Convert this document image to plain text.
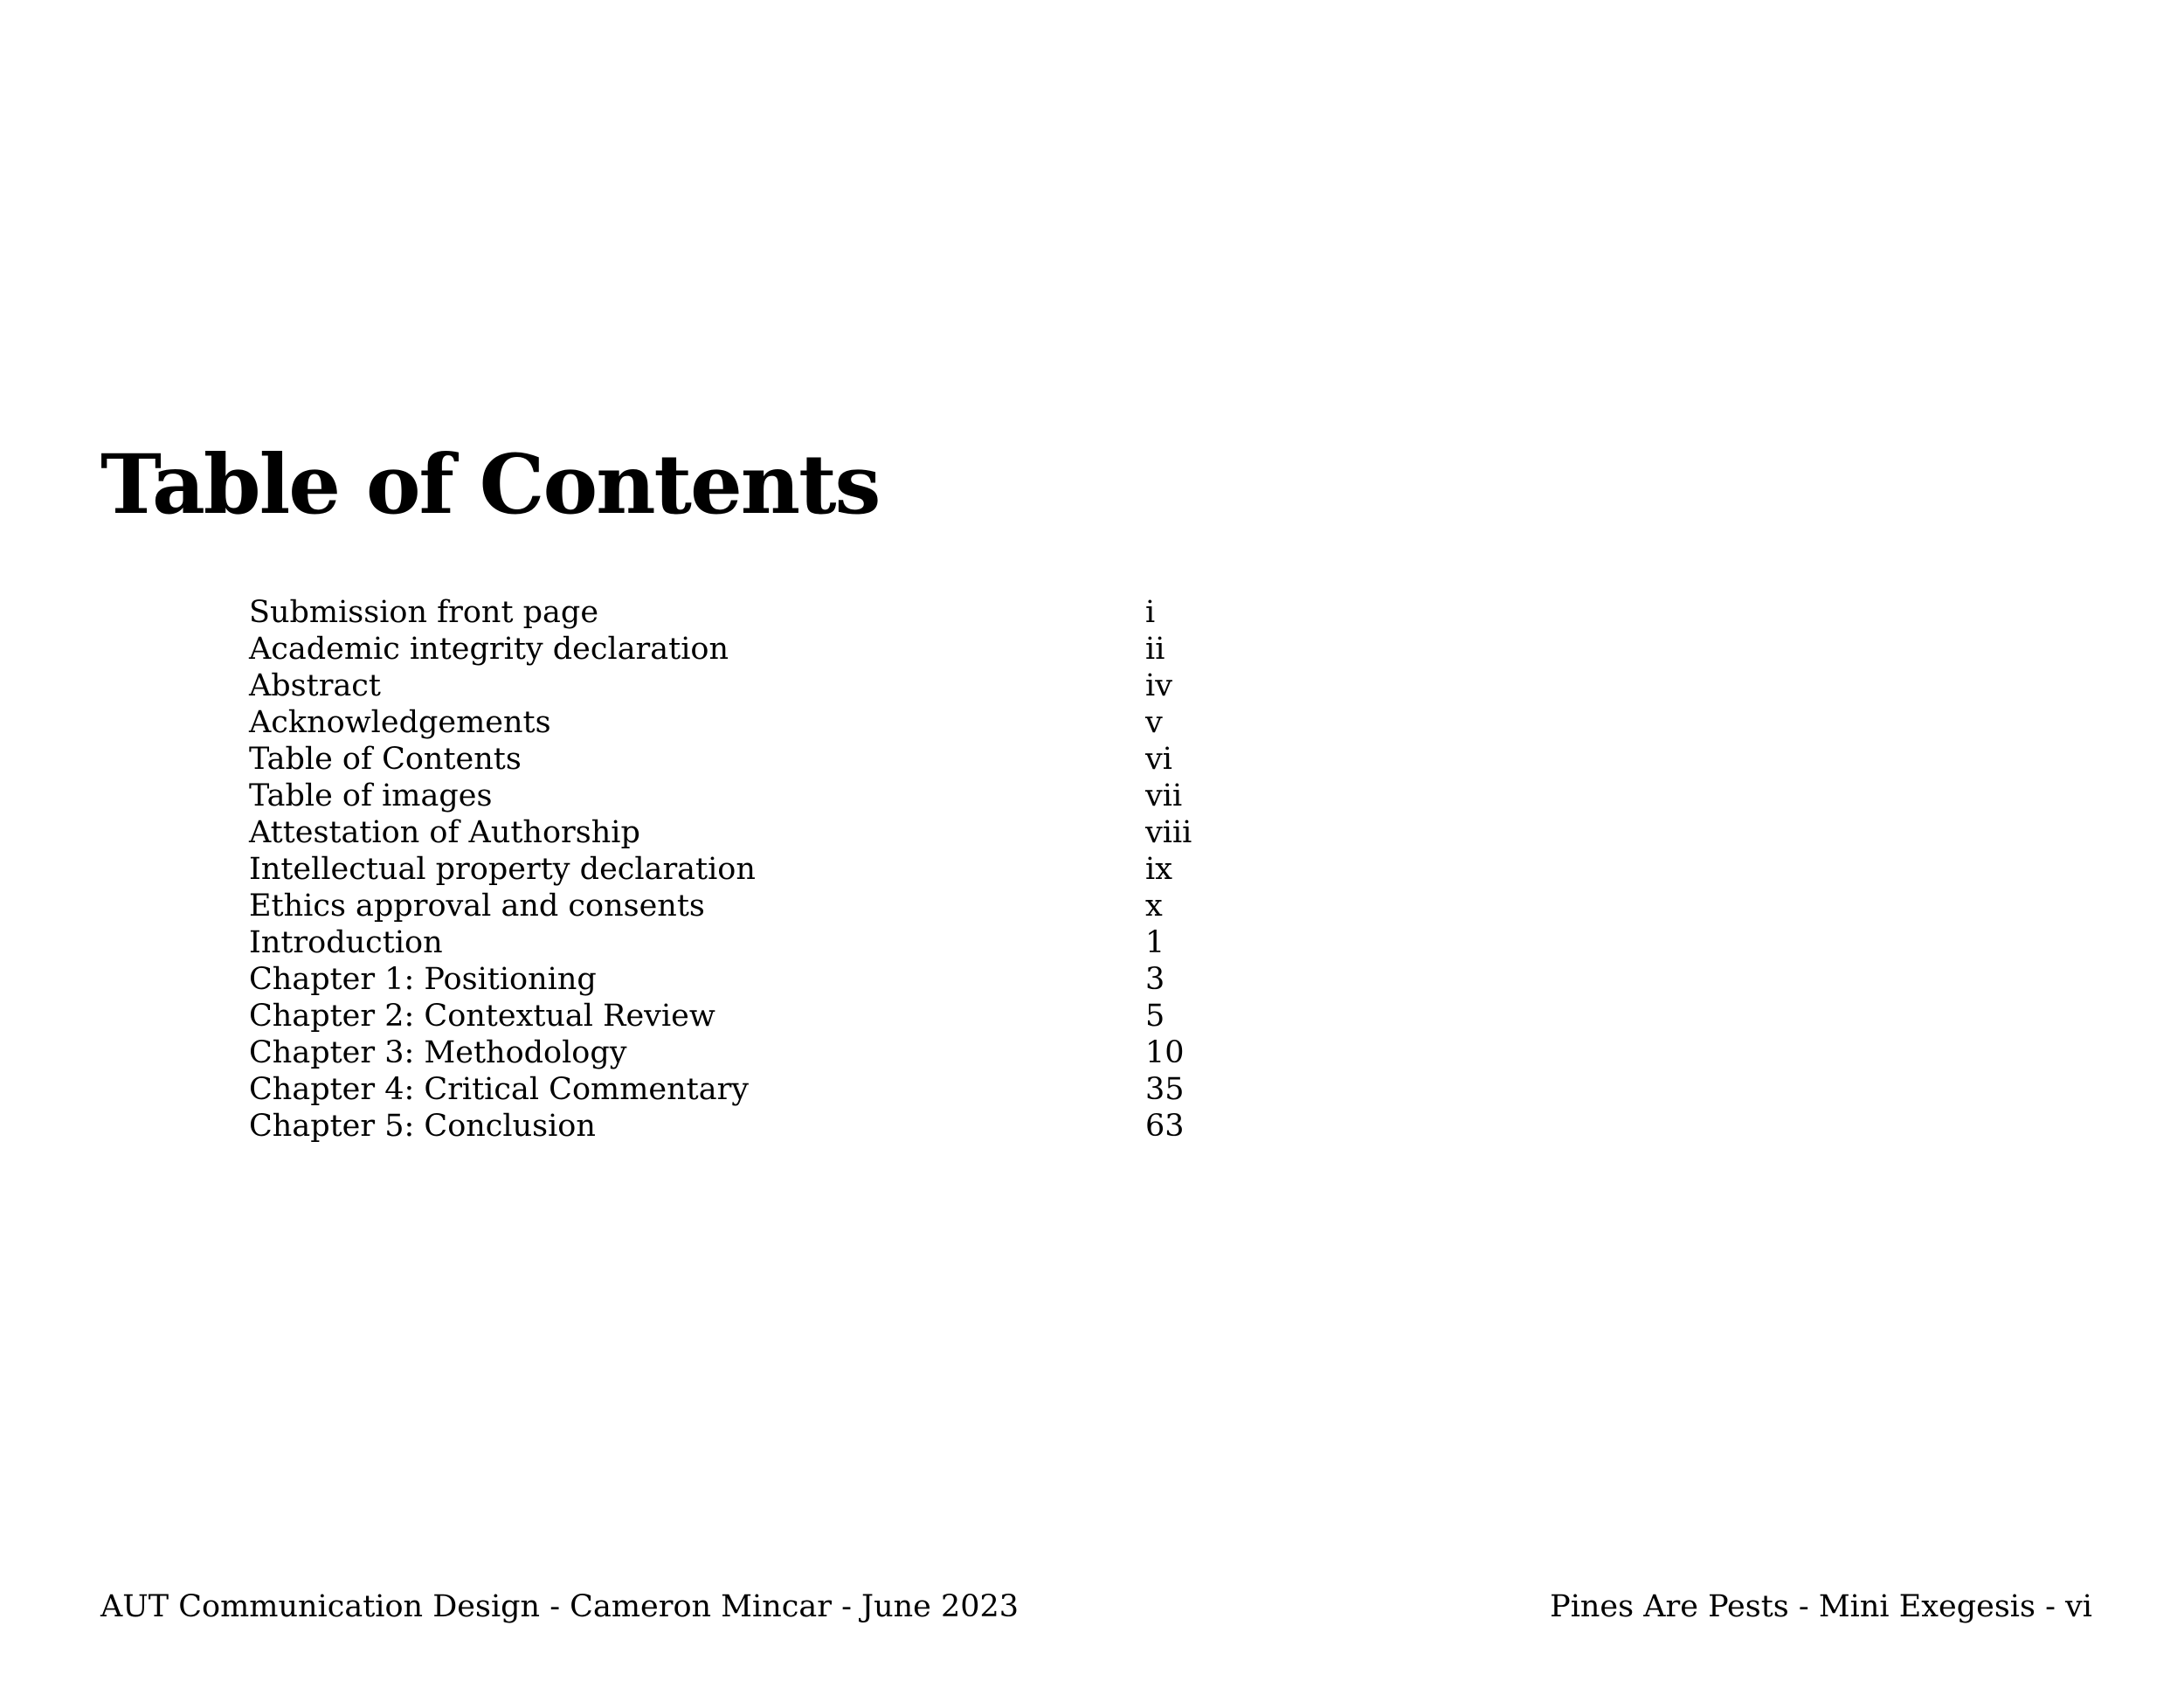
Table of Contents
Submission front page	i
Academic integrity declaration	ii
Abstract	iv
Acknowledgements	v
Table of Contents	vi
Table of images	vii
Attestation of Authorship	viii
Intellectual property declaration	ix
Ethics approval and consents	x
Introduction	1
Chapter 1: Positioning	3
Chapter 2: Contextual Review	5
Chapter 3: Methodology	10
Chapter 4: Critical Commentary	35
Chapter 5: Conclusion	63
AUT Communication Design - Cameron Mincar - June 2023	Pines Are Pests - Mini Exegesis - vi
